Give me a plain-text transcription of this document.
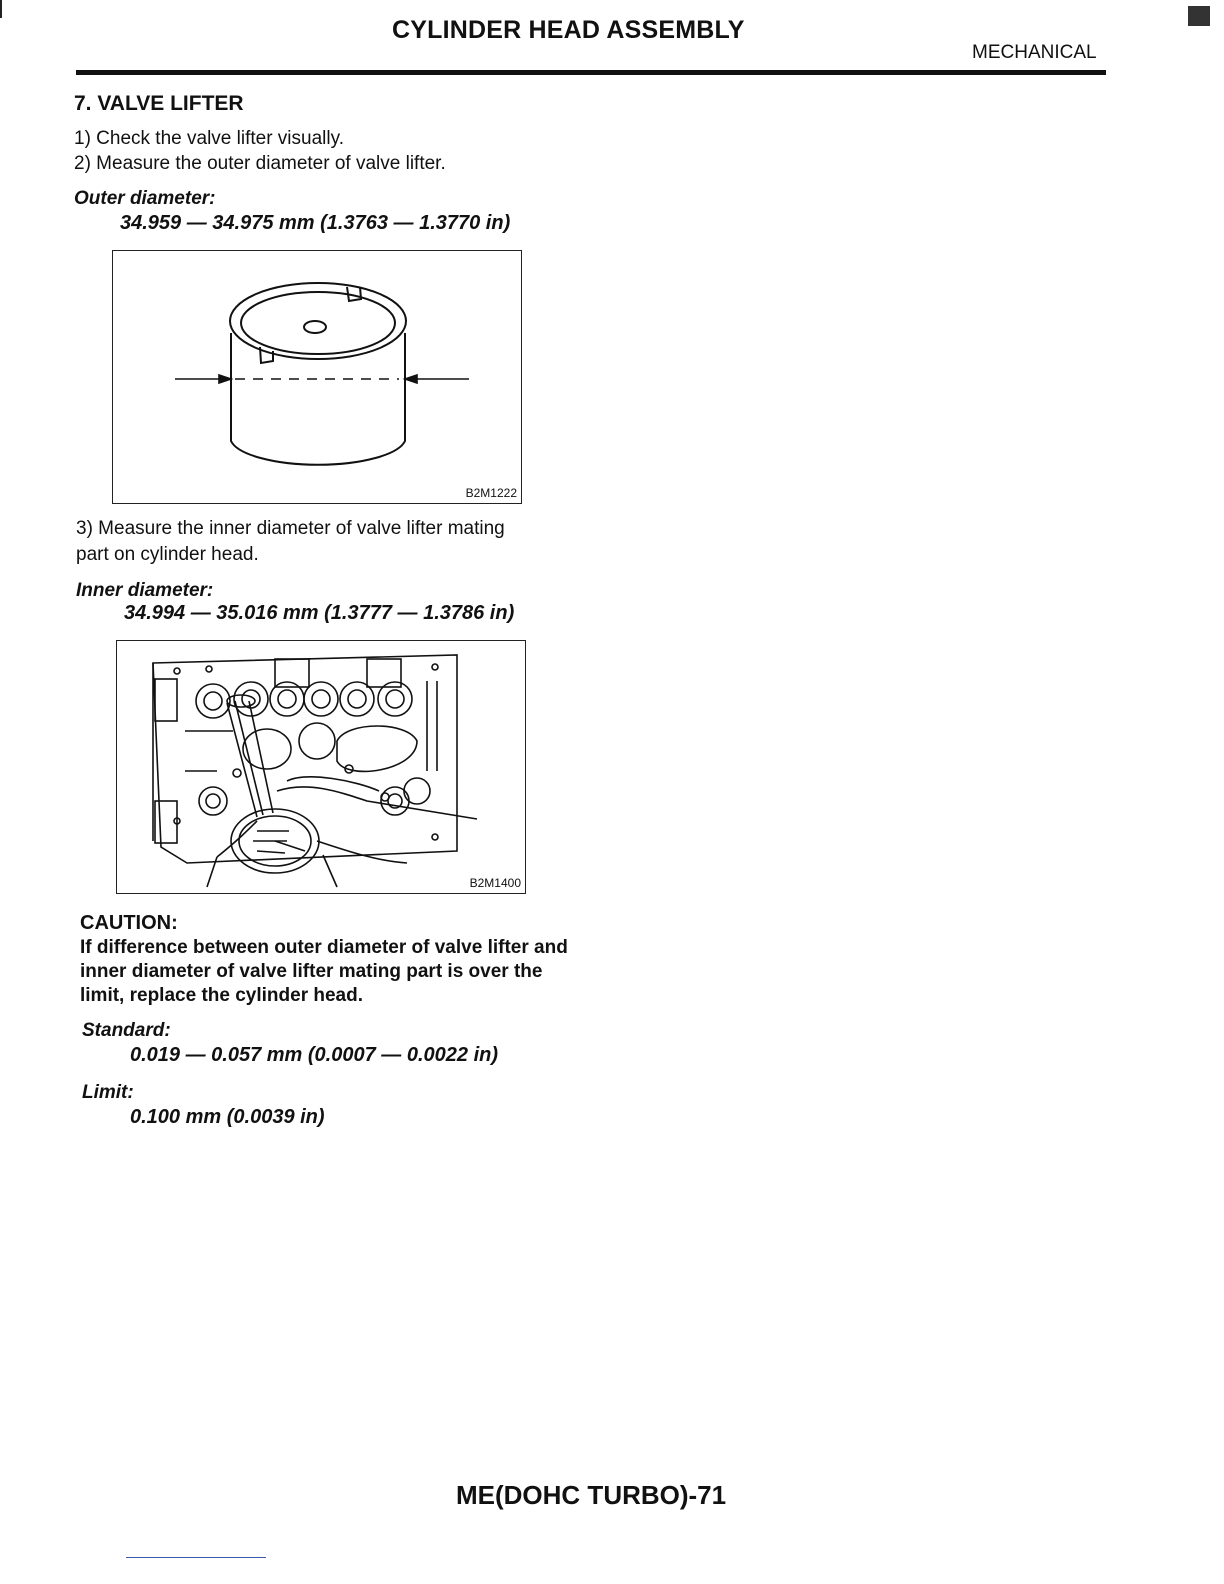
CYLINDER HEAD ASSEMBLY
MECHANICAL
7. VALVE LIFTER
1) Check the valve lifter visually.
2) Measure the outer diameter of valve lifter.
Outer diameter:
34.959 — 34.975 mm (1.3763 — 1.3770 in)
B2M1222
3) Measure the inner diameter of valve lifter mating
part on cylinder head.
Inner diameter:
34.994 — 35.016 mm (1.3777 — 1.3786 in)
B2M1400
CAUTION:
If difference between outer diameter of valve lifter and inner diameter of valve lifter mating part is over the limit, replace the cylinder head.
Standard:
0.019 — 0.057 mm (0.0007 — 0.0022 in)
Limit:
0.100 mm (0.0039 in)
ME(DOHC TURBO)-71
